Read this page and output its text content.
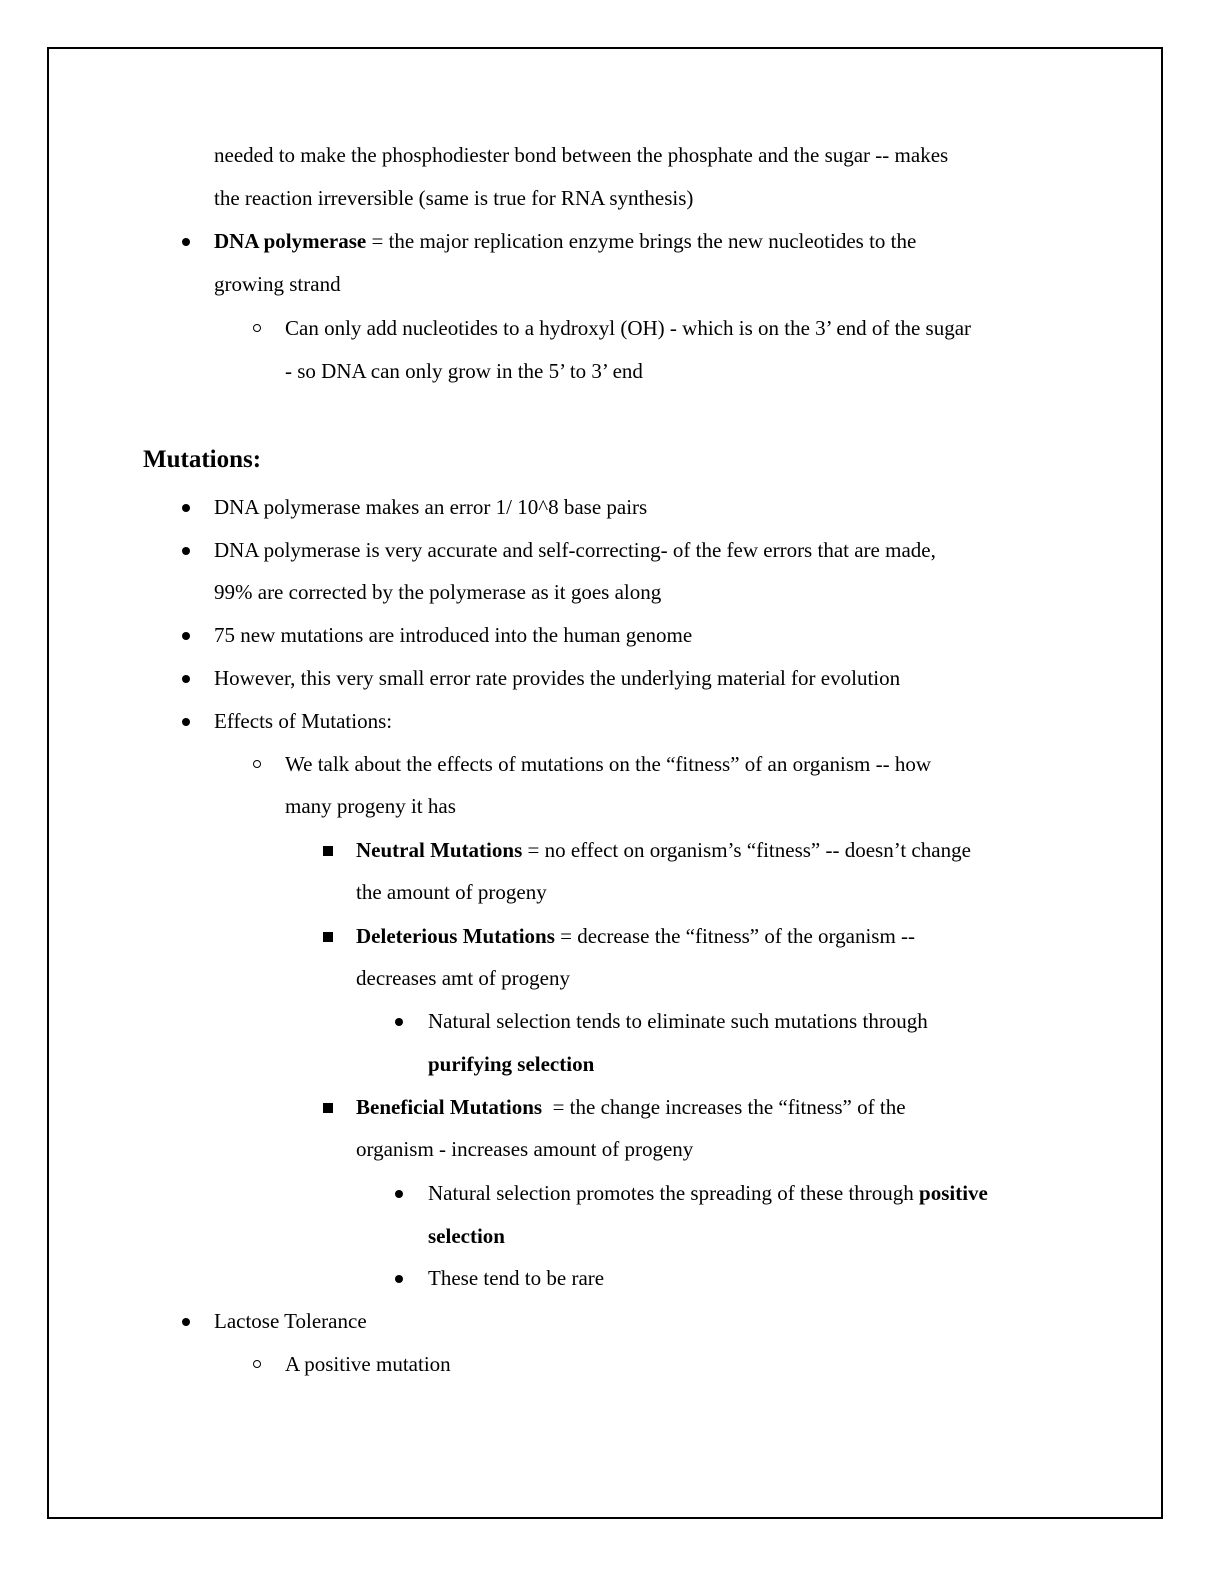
needed to make the phosphodiester bond between the phosphate and the sugar -- makes
the reaction irreversible (same is true for RNA synthesis)
DNA polymerase = the major replication enzyme brings the new nucleotides to the
growing strand
Can only add nucleotides to a hydroxyl (OH) - which is on the 3’ end of the sugar
- so DNA can only grow in the 5’ to 3’ end
Mutations:
DNA polymerase makes an error 1/ 10^8 base pairs
DNA polymerase is very accurate and self-correcting- of the few errors that are made,
99% are corrected by the polymerase as it goes along
75 new mutations are introduced into the human genome
However, this very small error rate provides the underlying material for evolution
Effects of Mutations:
We talk about the effects of mutations on the “fitness” of an organism -- how
many progeny it has
Neutral Mutations = no effect on organism’s “fitness” -- doesn’t change
the amount of progeny
Deleterious Mutations = decrease the “fitness” of the organism --
decreases amt of progeny
Natural selection tends to eliminate such mutations through
purifying selection
Beneficial Mutations  = the change increases the “fitness” of the
organism - increases amount of progeny
Natural selection promotes the spreading of these through positive
selection
These tend to be rare
Lactose Tolerance
A positive mutation
